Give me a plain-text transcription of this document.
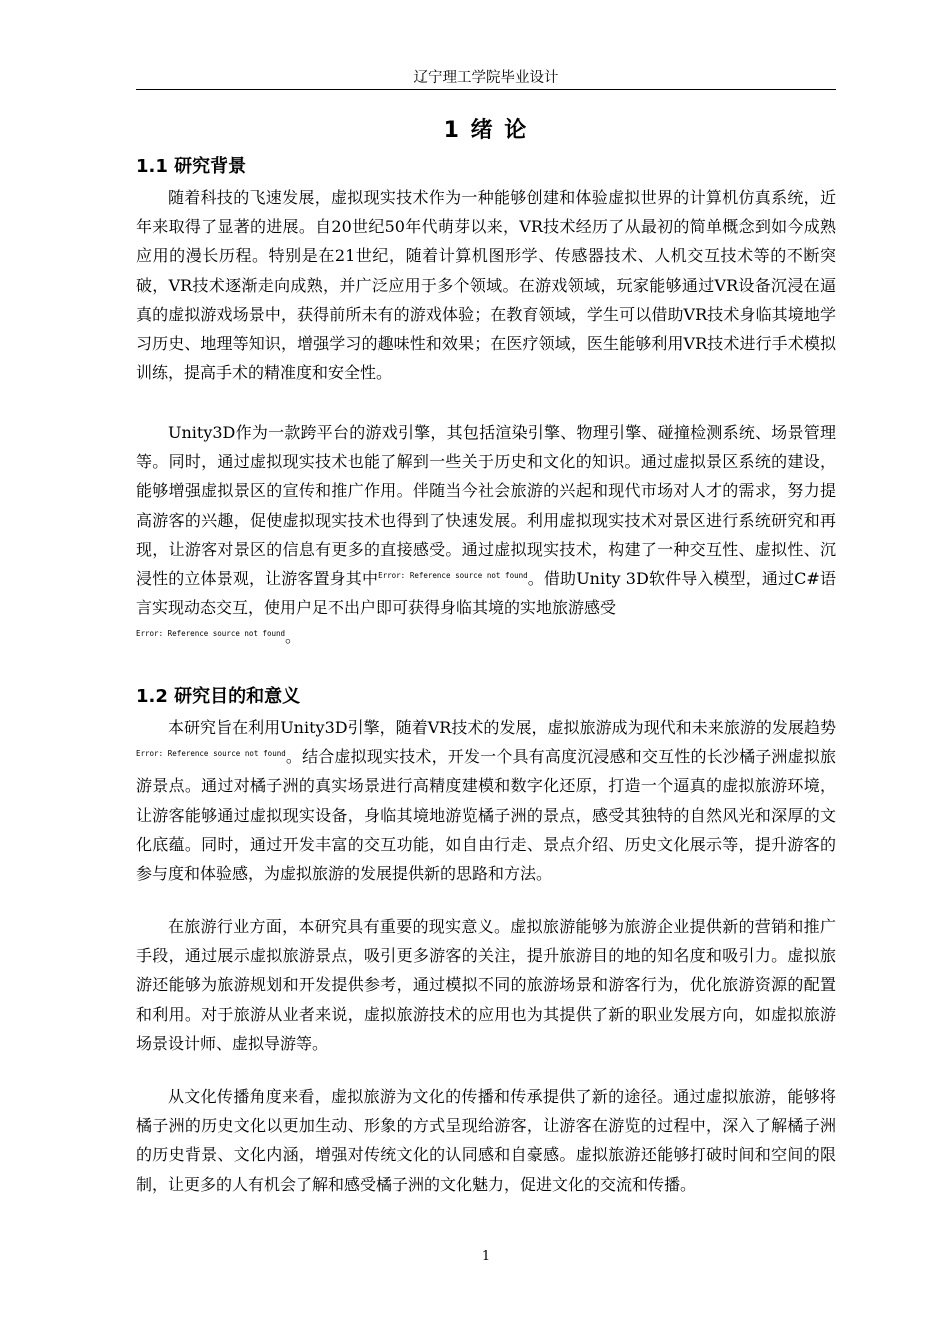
辽宁理工学院毕业设计
1 绪 论
1.1 研究背景

随着科技的飞速发展，虚拟现实技术作为一种能够创建和体验虚拟世界的计算机仿真系统，近年来取得了显著的进展。自20世纪50年代萌芽以来，VR技术经历了从最初的简单概念到如今成熟应用的漫长历程。特别是在21世纪，随着计算机图形学、传感器技术、人机交互技术等的不断突破，VR技术逐渐走向成熟，并广泛应用于多个领域。在游戏领域，玩家能够通过VR设备沉浸在逼真的虚拟游戏场景中，获得前所未有的游戏体验；在教育领域，学生可以借助VR技术身临其境地学习历史、地理等知识，增强学习的趣味性和效果；在医疗领域，医生能够利用VR技术进行手术模拟训练，提高手术的精准度和安全性。

Unity3D作为一款跨平台的游戏引擎，其包括渲染引擎、物理引擎、碰撞检测系统、场景管理等。同时，通过虚拟现实技术也能了解到一些关于历史和文化的知识。通过虚拟景区系统的建设，能够增强虚拟景区的宣传和推广作用。伴随当今社会旅游的兴起和现代市场对人才的需求，努力提高游客的兴趣，促使虚拟现实技术也得到了快速发展。利用虚拟现实技术对景区进行系统研究和再现，让游客对景区的信息有更多的直接感受。通过虚拟现实技术，构建了一种交互性、虚拟性、沉浸性的立体景观，让游客置身其中$^{Error: Reference source not found}$。借助Unity 3D软件导入模型，通过C#语言实现动态交互，使用户足不出户即可获得身临其境的实地旅游感受
$^{Error: Reference source not found}$。

1.2 研究目的和意义

本研究旨在利用Unity3D引擎，随着VR技术的发展，虚拟旅游成为现代和未来旅游的发展趋势$^{Error: Reference source not found}$。结合虚拟现实技术，开发一个具有高度沉浸感和交互性的长沙橘子洲虚拟旅游景点。通过对橘子洲的真实场景进行高精度建模和数字化还原，打造一个逼真的虚拟旅游环境，让游客能够通过虚拟现实设备，身临其境地游览橘子洲的景点，感受其独特的自然风光和深厚的文化底蕴。同时，通过开发丰富的交互功能，如自由行走、景点介绍、历史文化展示等，提升游客的参与度和体验感，为虚拟旅游的发展提供新的思路和方法。

在旅游行业方面，本研究具有重要的现实意义。虚拟旅游能够为旅游企业提供新的营销和推广手段，通过展示虚拟旅游景点，吸引更多游客的关注，提升旅游目的地的知名度和吸引力。虚拟旅游还能够为旅游规划和开发提供参考，通过模拟不同的旅游场景和游客行为，优化旅游资源的配置和利用。对于旅游从业者来说，虚拟旅游技术的应用也为其提供了新的职业发展方向，如虚拟旅游场景设计师、虚拟导游等。

从文化传播角度来看，虚拟旅游为文化的传播和传承提供了新的途径。通过虚拟旅游，能够将橘子洲的历史文化以更加生动、形象的方式呈现给游客，让游客在游览的过程中，深入了解橘子洲的历史背景、文化内涵，增强对传统文化的认同感和自豪感。虚拟旅游还能够打破时间和空间的限制，让更多的人有机会了解和感受橘子洲的文化魅力，促进文化的交流和传播。

1
